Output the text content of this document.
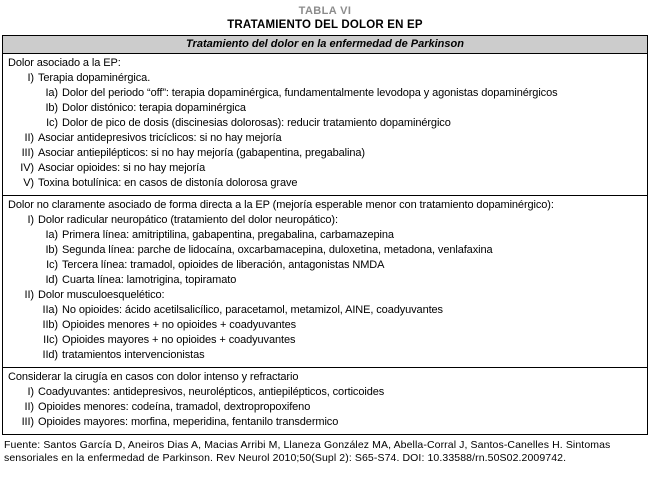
TABLA VI
TRATAMIENTO DEL DOLOR EN EP
Tratamiento del dolor en la enfermedad de Parkinson
Dolor asociado a la EP:
I) Terapia dopaminérgica.
Ia) Dolor del periodo “off”: terapia dopaminérgica, fundamentalmente levodopa y agonistas dopaminérgicos
Ib) Dolor distónico: terapia dopaminérgica
Ic) Dolor de pico de dosis (discinesias dolorosas): reducir tratamiento dopaminérgico
II) Asociar antidepresivos tricíclicos: si no hay mejoría
III) Asociar antiepilépticos: si no hay mejoría (gabapentina, pregabalina)
IV) Asociar opioides: si no hay mejoría
V) Toxina botulínica: en casos de distonía dolorosa grave
Dolor no claramente asociado de forma directa a la EP (mejoría esperable menor con tratamiento dopaminérgico):
I) Dolor radicular neuropático (tratamiento del dolor neuropático):
Ia) Primera línea: amitriptilina, gabapentina, pregabalina, carbamazepina
Ib) Segunda línea: parche de lidocaína, oxcarbamacepina, duloxetina, metadona, venlafaxina
Ic) Tercera línea: tramadol, opioides de liberación, antagonistas NMDA
Id) Cuarta línea: lamotrigina, topiramato
II) Dolor musculoesquelético:
IIa) No opioides: ácido acetilsalicílico, paracetamol, metamizol, AINE, coadyuvantes
IIb) Opioides menores + no opioides + coadyuvantes
IIc) Opioides mayores + no opioides + coadyuvantes
IId) tratamientos intervencionistas
Considerar la cirugía en casos con dolor intenso y refractario
I) Coadyuvantes: antidepresivos, neurolépticos, antiepilépticos, corticoides
II) Opioides menores: codeína, tramadol, dextropropoxifeno
III) Opioides mayores: morfina, meperidina, fentanilo transdermico
Fuente: Santos García D, Aneiros Dias A, Macias Arribi M, Llaneza González MA, Abella-Corral J, Santos-Canelles H. Sintomas sensoriales en la enfermedad de Parkinson. Rev Neurol 2010;50(Supl 2): S65-S74. DOI: 10.33588/rn.50S02.2009742.
